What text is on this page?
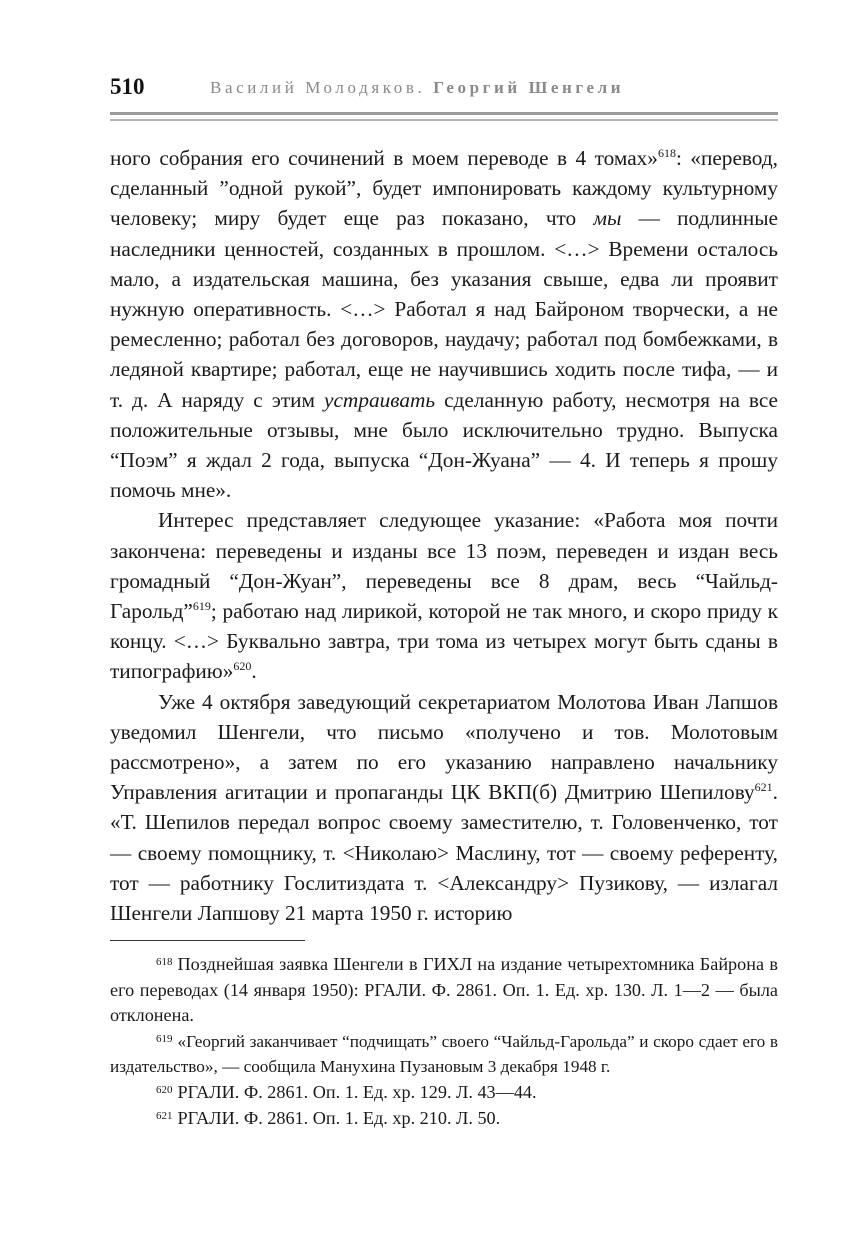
510	Василий Молодяков. Георгий Шенгели

ного собрания его сочинений в моем переводе в 4 томах»$^{618}$: «перевод, сделанный ”одной рукой”, будет импонировать каждому культурному человеку; миру будет еще раз показано, что мы — подлинные наследники ценностей, созданных в прошлом. <…> Времени осталось мало, а издательская машина, без указания свыше, едва ли проявит нужную оперативность. <…> Работал я над Байроном творчески, а не ремесленно; работал без договоров, наудачу; работал под бомбежками, в ледяной квартире; работал, еще не научившись ходить после тифа, — и т. д. А наряду с этим устраивать сделанную работу, несмотря на все положительные отзывы, мне было исключительно трудно. Выпуска “Поэм” я ждал 2 года, выпуска “Дон-Жуана” — 4. И теперь я прошу помочь мне».

Интерес представляет следующее указание: «Работа моя почти закончена: переведены и изданы все 13 поэм, переведен и издан весь громадный “Дон-Жуан”, переведены все 8 драм, весь “Чайльд-Гарольд”$^{619}$; работаю над лирикой, которой не так много, и скоро приду к концу. <…> Буквально завтра, три тома из четырех могут быть сданы в типографию»$^{620}$.

Уже 4 октября заведующий секретариатом Молотова Иван Лапшов уведомил Шенгели, что письмо «получено и тов. Молотовым рассмотрено», а затем по его указанию направлено начальнику Управления агитации и пропаганды ЦК ВКП(б) Дмитрию Шепилову$^{621}$. «Т. Шепилов передал вопрос своему заместителю, т. Головенченко, тот — своему помощнику, т. <Николаю> Маслину, тот — своему референту, тот — работнику Гослитиздата т. <Александру> Пузикову, — излагал Шенгели Лапшову 21 марта 1950 г. историю

$^{618}$ Позднейшая заявка Шенгели в ГИХЛ на издание четырехтомника Байрона в его переводах (14 января 1950): РГАЛИ. Ф. 2861. Оп. 1. Ед. хр. 130. Л. 1—2 — была отклонена.

$^{619}$ «Георгий заканчивает “подчищать” своего “Чайльд-Гарольда” и скоро сдает его в издательство», — сообщила Манухина Пузановым 3 декабря 1948 г.

$^{620}$ РГАЛИ. Ф. 2861. Оп. 1. Ед. хр. 129. Л. 43—44.

$^{621}$ РГАЛИ. Ф. 2861. Оп. 1. Ед. хр. 210. Л. 50.
